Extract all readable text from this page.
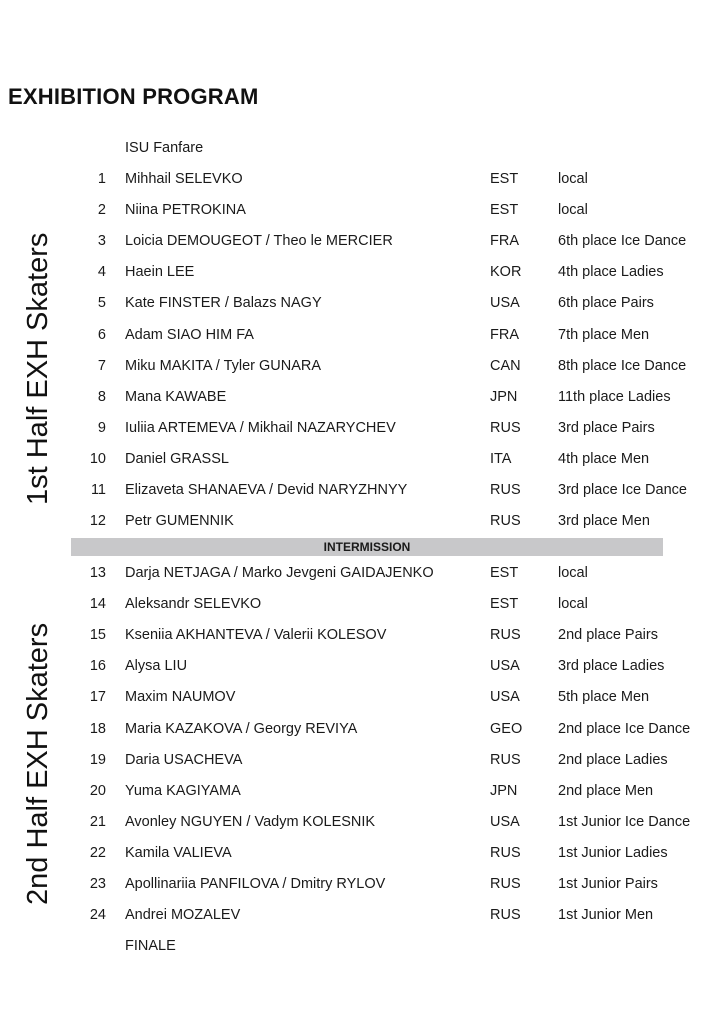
EXHIBITION PROGRAM
1st Half EXH Skaters
2nd Half EXH Skaters
ISU Fanfare
1 Mihhail SELEVKO	EST	local
2 Niina PETROKINA	EST	local
3 Loicia DEMOUGEOT / Theo le MERCIER	FRA	6th place Ice Dance
4 Haein LEE	KOR	4th place Ladies
5 Kate FINSTER / Balazs NAGY	USA	6th place Pairs
6 Adam SIAO HIM FA	FRA	7th place Men
7 Miku MAKITA / Tyler GUNARA	CAN	8th place Ice Dance
8 Mana KAWABE	JPN	11th place Ladies
9 Iuliia ARTEMEVA / Mikhail NAZARYCHEV	RUS	3rd place Pairs
10 Daniel GRASSL	ITA	4th place Men
11 Elizaveta SHANAEVA / Devid NARYZHNYY	RUS	3rd place Ice Dance
12 Petr GUMENNIK	RUS	3rd place Men
INTERMISSION
13 Darja NETJAGA / Marko Jevgeni GAIDAJENKO	EST	local
14 Aleksandr SELEVKO	EST	local
15 Kseniia AKHANTEVA / Valerii KOLESOV	RUS	2nd place Pairs
16 Alysa LIU	USA	3rd place Ladies
17 Maxim NAUMOV	USA	5th place Men
18 Maria KAZAKOVA / Georgy REVIYA	GEO 2nd place Ice Dance
19 Daria USACHEVA	RUS	2nd place Ladies
20 Yuma KAGIYAMA	JPN	2nd place Men
21 Avonley NGUYEN / Vadym KOLESNIK	USA	1st Junior Ice Dance
22 Kamila VALIEVA	RUS	1st Junior Ladies
23 Apollinariia PANFILOVA / Dmitry RYLOV	RUS	1st Junior Pairs
24 Andrei MOZALEV	RUS	1st Junior Men
FINALE
